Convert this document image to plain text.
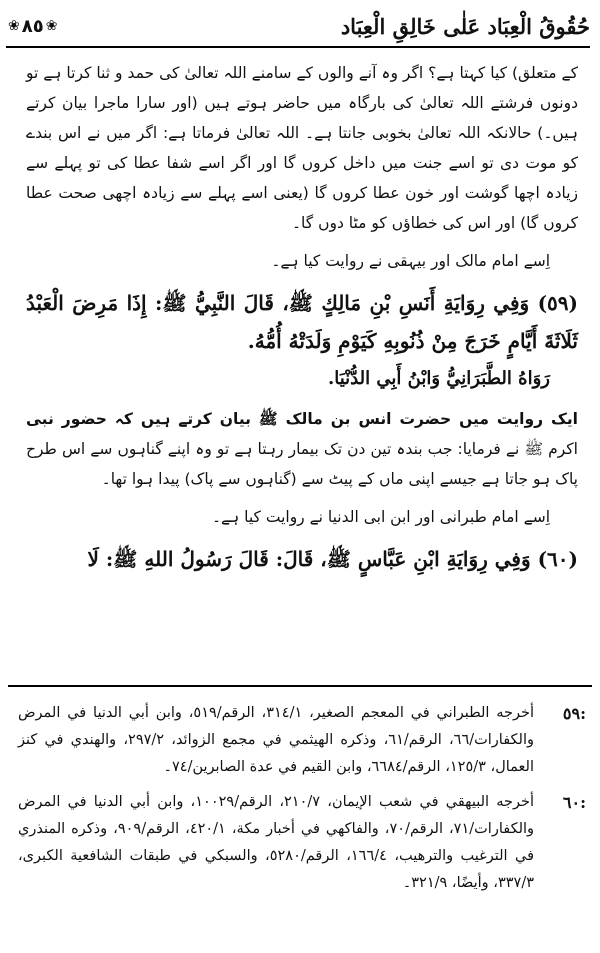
حُقُوقُ الْعِبَاد عَلٰى خَالِقِ الْعِبَاد
❀ ٨٥ ❀

کے متعلق) کیا کہتا ہے؟ اگر وہ آنے والوں کے سامنے اللہ تعالیٰ کی حمد و ثنا کرتا ہے تو دونوں فرشتے اللہ تعالیٰ کی بارگاہ میں حاضر ہوتے ہیں (اور سارا ماجرا بیان کرتے ہیں۔) حالانکہ اللہ تعالیٰ بخوبی جانتا ہے۔ اللہ تعالیٰ فرماتا ہے: اگر میں نے اس بندے کو موت دی تو اسے جنت میں داخل کروں گا اور اگر اسے شفا عطا کی تو پہلے سے زیادہ اچھا گوشت اور خون عطا کروں گا (یعنی اسے پہلے سے زیادہ اچھی صحت عطا کروں گا) اور اس کی خطاؤں کو مٹا دوں گا۔

اِسے امام مالک اور بیہقی نے روایت کیا ہے۔

(٥٩) وَفِي رِوَايَةِ أَنَسِ بْنِ مَالِكٍ ﷺ، قَالَ النَّبِيُّ ﷺ: إِذَا مَرِضَ الْعَبْدُ ثَلَاثَةَ أَيَّامٍ خَرَجَ مِنْ ذُنُوبِهِ كَيَوْمِ وَلَدَتْهُ أُمُّهُ.

رَوَاهُ الطَّبَرَانِيُّ وَابْنُ أَبِي الدُّنْيَا.

ایک روایت میں حضرت انس بن مالک ﷺ بیان کرتے ہیں کہ حضور نبی اکرم ﷺ نے فرمایا: جب بندہ تین دن تک بیمار رہتا ہے تو وہ اپنے گناہوں سے اس طرح پاک ہو جاتا ہے جیسے اپنی ماں کے پیٹ سے (گناہوں سے پاک) پیدا ہوا تھا۔

اِسے امام طبرانی اور ابن ابی الدنیا نے روایت کیا ہے۔

(٦٠) وَفِي رِوَايَةِ ابْنِ عَبَّاسٍ ﷺ، قَالَ: قَالَ رَسُولُ اللهِ ﷺ: لَا

:٥٩
أخرجه الطبراني في المعجم الصغير، ٣١٤/١، الرقم/٥١٩، وابن أبي الدنيا في المرض والكفارات/٦٦، الرقم/٦١، وذكره الهيثمي في مجمع الزوائد، ٢٩٧/٢، والهندي في كنز العمال، ١٢٥/٣، الرقم/٦٦٨٤، وابن القيم في عدة الصابرين/٧٤۔
:٦٠
أخرجه البيهقي في شعب الإيمان، ٢١٠/٧، الرقم/١٠٠٢٩، وابن أبي الدنيا في المرض والكفارات/٧١، الرقم/٧٠، والفاكهي في أخبار مكة، ٤٢٠/١، الرقم/٩٠٩، وذكره المنذري في الترغيب والترهيب، ١٦٦/٤، الرقم/٥٢٨٠، والسبكي في طبقات الشافعية الكبرى، ٣٣٧/٣، وأيضًا، ٣٢١/٩۔
